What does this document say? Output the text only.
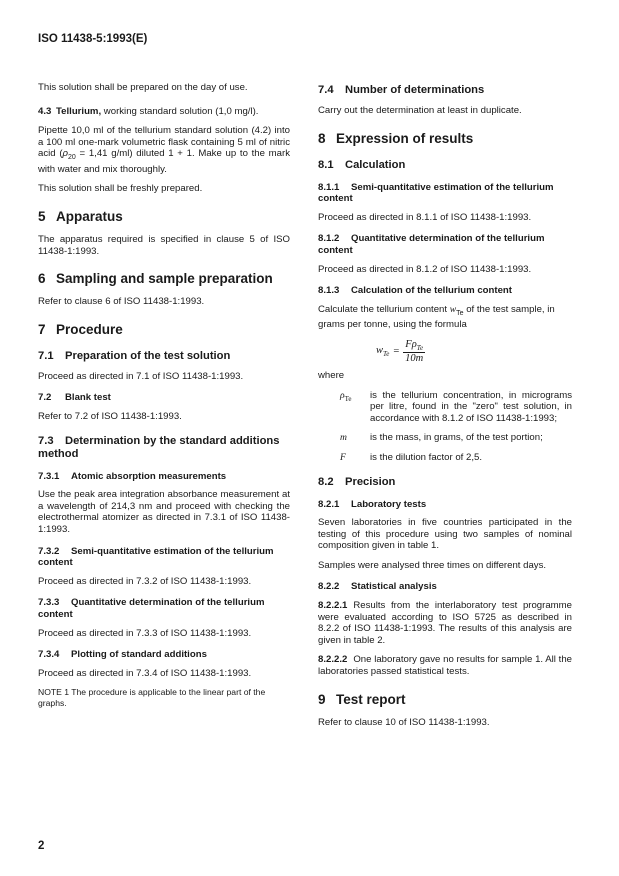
ISO 11438-5:1993(E)

This solution shall be prepared on the day of use.

4.3 Tellurium, working standard solution (1,0 mg/l).

Pipette 10,0 ml of the tellurium standard solution (4.2) into a 100 ml one-mark volumetric flask containing 5 ml of nitric acid ($\rho_{20} = 1,41$ g/ml) diluted 1 + 1. Make up to the mark with water and mix thoroughly.

This solution shall be freshly prepared.

5 Apparatus

The apparatus required is specified in clause 5 of ISO 11438-1:1993.

6 Sampling and sample preparation

Refer to clause 6 of ISO 11438-1:1993.

7 Procedure
7.1 Preparation of the test solution

Proceed as directed in 7.1 of ISO 11438-1:1993.

7.2 Blank test

Refer to 7.2 of ISO 11438-1:1993.

7.3 Determination by the standard additions method
7.3.1 Atomic absorption measurements

Use the peak area integration absorbance measurement at a wavelength of 214,3 nm and proceed with checking the electrothermal atomizer as directed in 7.3.1 of ISO 11438-1:1993.

7.3.2 Semi-quantitative estimation of the tellurium content

Proceed as directed in 7.3.2 of ISO 11438-1:1993.

7.3.3 Quantitative determination of the tellurium content

Proceed as directed in 7.3.3 of ISO 11438-1:1993.

7.3.4 Plotting of standard additions

Proceed as directed in 7.3.4 of ISO 11438-1:1993.

NOTE 1 The procedure is applicable to the linear part of the graphs.

7.4 Number of determinations

Carry out the determination at least in duplicate.

8 Expression of results
8.1 Calculation
8.1.1 Semi-quantitative estimation of the tellurium content

Proceed as directed in 8.1.1 of ISO 11438-1:1993.

8.1.2 Quantitative determination of the tellurium content

Proceed as directed in 8.1.2 of ISO 11438-1:1993.

8.1.3 Calculation of the tellurium content

Calculate the tellurium content $w_{Te}$ of the test sample, in grams per tonne, using the formula

$w_{Te} = \frac{F\rho_{Te}}{10m}$

where

$\rho_{Te}$	is the tellurium concentration, in micrograms per litre, found in the "zero" test solution, in accordance with 8.1.2 of ISO 11438-1:1993;
m	is the mass, in grams, of the test portion;
F	is the dilution factor of 2,5.
8.2 Precision
8.2.1 Laboratory tests

Seven laboratories in five countries participated in the testing of this procedure using two samples of nominal composition given in table 1.

Samples were analysed three times on different days.

8.2.2 Statistical analysis

8.2.2.1 Results from the interlaboratory test programme were evaluated according to ISO 5725 as described in 8.2.2 of ISO 11438-1:1993. The results of this analysis are given in table 2.

8.2.2.2 One laboratory gave no results for sample 1. All the laboratories passed statistical tests.

9 Test report

Refer to clause 10 of ISO 11438-1:1993.

2
